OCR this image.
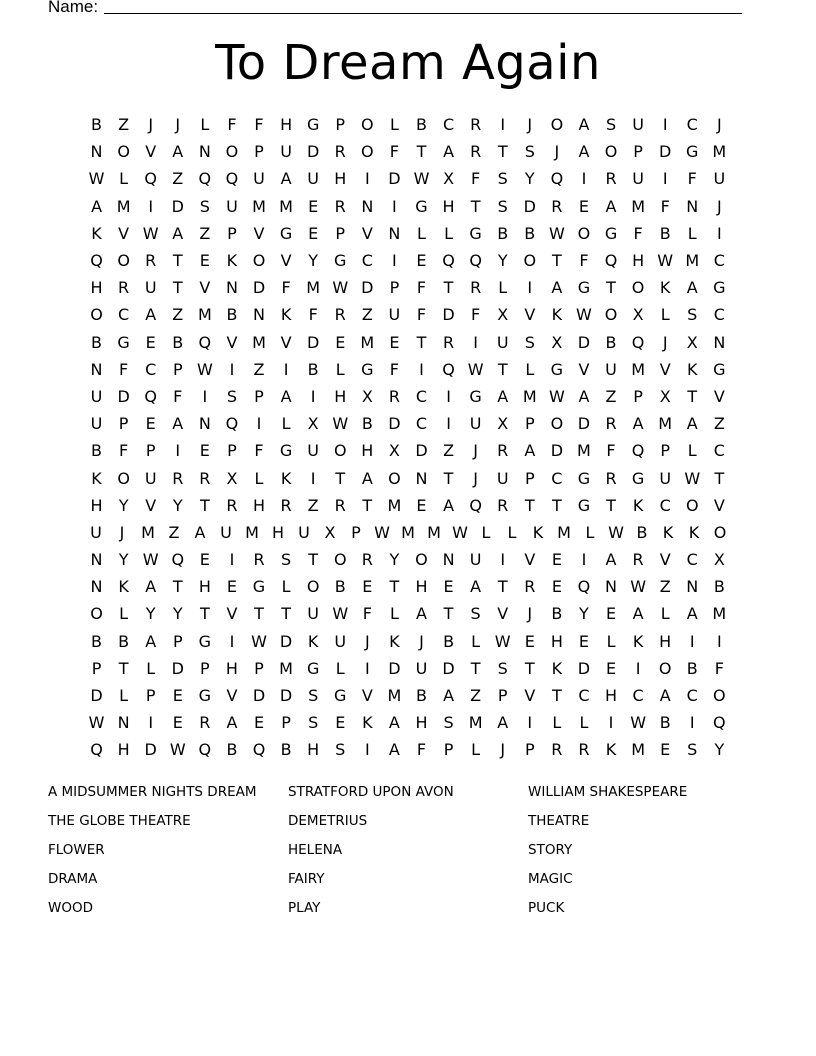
Name:
To Dream Again
B	Z	J	J	L	F	F	H G	P O	L	B	C R	I	J	O A	S	U	I	C	J
N O V	A N O P	U D R O	F	T	A	R	T	S	J	A O P	D G M
W L	Q Z Q Q U A U H	I	D W X	F	S	Y Q	I	R U	I	F	U
A M	I	D S	U M M E	R N	I	G H	T	S D R	E	A M F	N	J
K	V W A	Z	P	V G E	P	V N	L	L	G B	B W O G	F	B	L	I
Q O R	T	E	K O V	Y G C	I	E Q Q Y O T	F	Q H W M C
H R U	T	V N D	F M W D	P	F	T	R	L	I	A G T O K	A G
O C	A	Z M B N K	F	R	Z U	F	D	F	X	V	K W O X	L	S	C
B G E	B Q V M V D E M E	T	R	I	U	S	X D B Q	J	X N
N	F	C	P W	I	Z	I	B	L	G	F	I	Q W T	L	G V U M V	K G
U D Q	F	I	S	P	A	I	H X	R C	I	G A M W A	Z	P	X	T	V
U	P	E	A N Q	I	L	X W B D C	I	U X	P O D R	A M A	Z
B	F	P	I	E	P	F	G U O H X D Z	J	R	A D M F	Q P	L	C
K O U R R	X	L	K	I	T	A O N	T	J	U	P	C G R G U W T
H	Y	V	Y	T	R H R	Z	R	T M E	A Q R	T	T G T	K	C O V
U	J	M Z A U M H U X P W M M W L	L	K M L W B K K O
N	Y W Q E	I	R	S	T O R	Y O N U	I	V	E	I	A	R	V	C	X
N K	A	T	H	E G	L	O B	E	T	H	E	A	T	R	E Q N W Z N B
O	L	Y	Y	T	V	T	T	U W F	L	A	T	S	V	J	B	Y	E	A	L	A M
B	B	A	P	G	I	W D K U	J	K	J	B	L W E	H	E	L	K H	I	I
P	T	L	D	P	H	P M G	L	I	D U D	T	S	T	K D E	I	O B	F
D	L	P	E G V D D S G V M B	A	Z	P	V	T	C H C	A	C O
W N	I	E	R	A	E	P	S	E	K	A H S M A	I	L	L	I	W B	I	Q
Q H D W Q B Q B H S	I	A	F	P	L	J	P	R R	K M E	S	Y
A MIDSUMMER NIGHTS DREAM	STRATFORD UPON AVON	WILLIAM SHAKESPEARE
THE GLOBE THEATRE	DEMETRIUS	THEATRE
FLOWER	HELENA	STORY
DRAMA	FAIRY	MAGIC
WOOD	PLAY	PUCK
